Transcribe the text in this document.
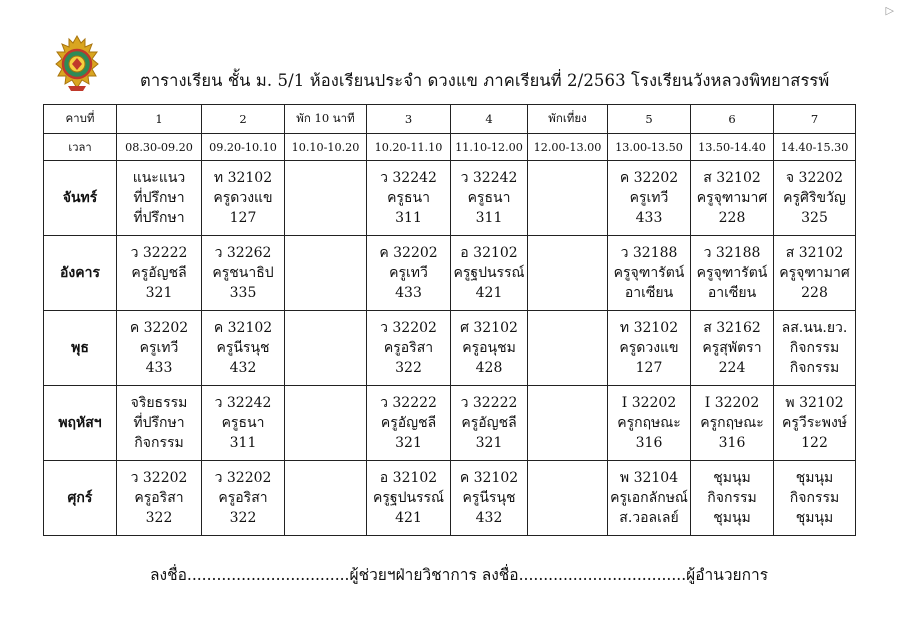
▷
ตารางเรียน ชั้น ม. 5/1 ห้องเรียนประจำ ดวงแข ภาคเรียนที่ 2/2563 โรงเรียนวังหลวงพิทยาสรรพ์
คาบที่	1	2	พัก 10 นาที	3	4	พักเที่ยง	5	6	7
เวลา	08.30-09.20	09.20-10.10	10.10-10.20	10.20-11.10	11.10-12.00	12.00-13.00	13.00-13.50	13.50-14.40	14.40-15.30
จันทร์	แนะแนว
ที่ปรึกษา
ที่ปรึกษา	ท 32102
ครูดวงแข
127		ว 32242
ครูธนา
311	ว 32242
ครูธนา
311		ค 32202
ครูเทวี
433	ส 32102
ครูจุฑามาศ
228	จ 32202
ครูศิริขวัญ
325

อังคาร	ว 32222
ครูอัญชลี
321	ว 32262
ครูชนาธิป
335		ค 32202
ครูเทวี
433	อ 32102
ครูฐปนรรณ์
421		ว 32188
ครูจุฑารัตน์
อาเซียน	ว 32188
ครูจุฑารัตน์
อาเซียน	ส 32102
ครูจุฑามาศ
228

พุธ	ค 32202
ครูเทวี
433	ค 32102
ครูนีรนุช
432		ว 32202
ครูอริสา
322	ศ 32102
ครูอนุชม
428		ท 32102
ครูดวงแข
127	ส 32162
ครูสุพัตรา
224	ลส.นน.ยว.
กิจกรรม
กิจกรรม

พฤหัสฯ	จริยธรรม
ที่ปรึกษา
กิจกรรม	ว 32242
ครูธนา
311		ว 32222
ครูอัญชลี
321	ว 32222
ครูอัญชลี
321		I 32202
ครูกฤษณะ
316	I 32202
ครูกฤษณะ
316	พ 32102
ครูวีระพงษ์
122

ศุกร์	ว 32202
ครูอริสา
322	ว 32202
ครูอริสา
322		อ 32102
ครูฐปนรรณ์
421	ค 32102
ครูนีรนุช
432		พ 32104
ครูเอกลักษณ์
ส.วอลเลย์	ชุมนุม
กิจกรรม
ชุมนุม	ชุมนุม
กิจกรรม
ชุมนุม
ลงชื่อ.................................ผู้ช่วยฯฝ่ายวิชาการ ลงชื่อ..................................ผู้อำนวยการ
